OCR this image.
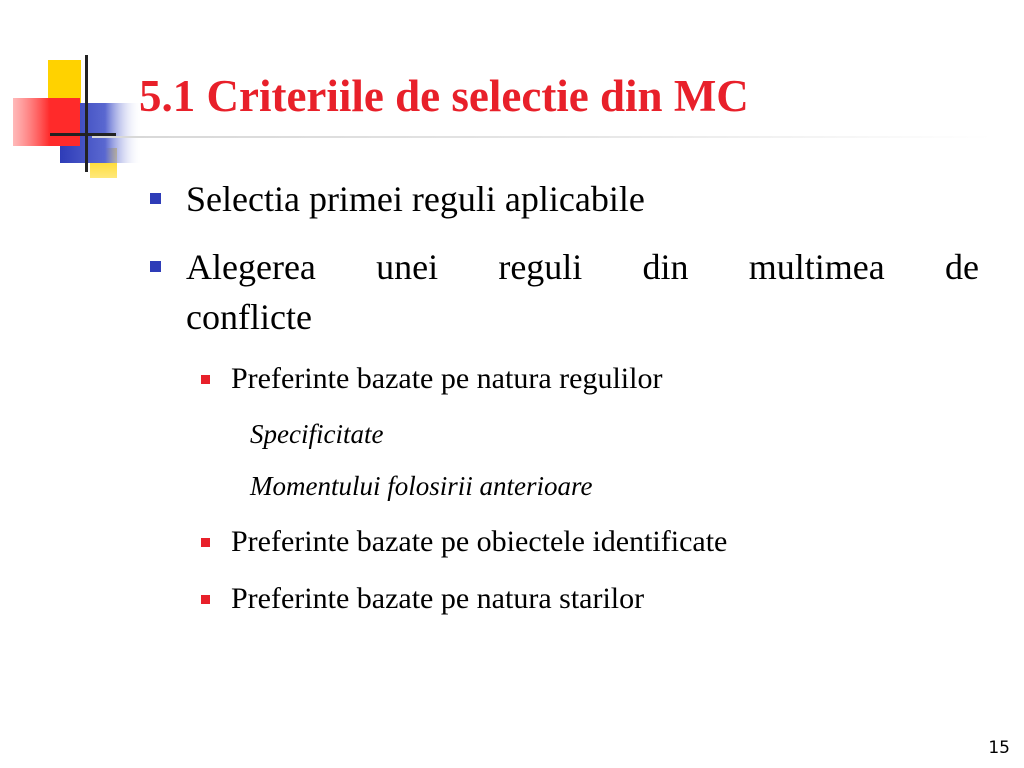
5.1 Criteriile de selectie din MC
Selectia primei reguli aplicabile
Alegerea unei reguli din multimea de
conflicte
Preferinte bazate pe natura regulilor
Specificitate
Momentului folosirii anterioare
Preferinte bazate pe obiectele identificate
Preferinte bazate pe natura starilor
15
